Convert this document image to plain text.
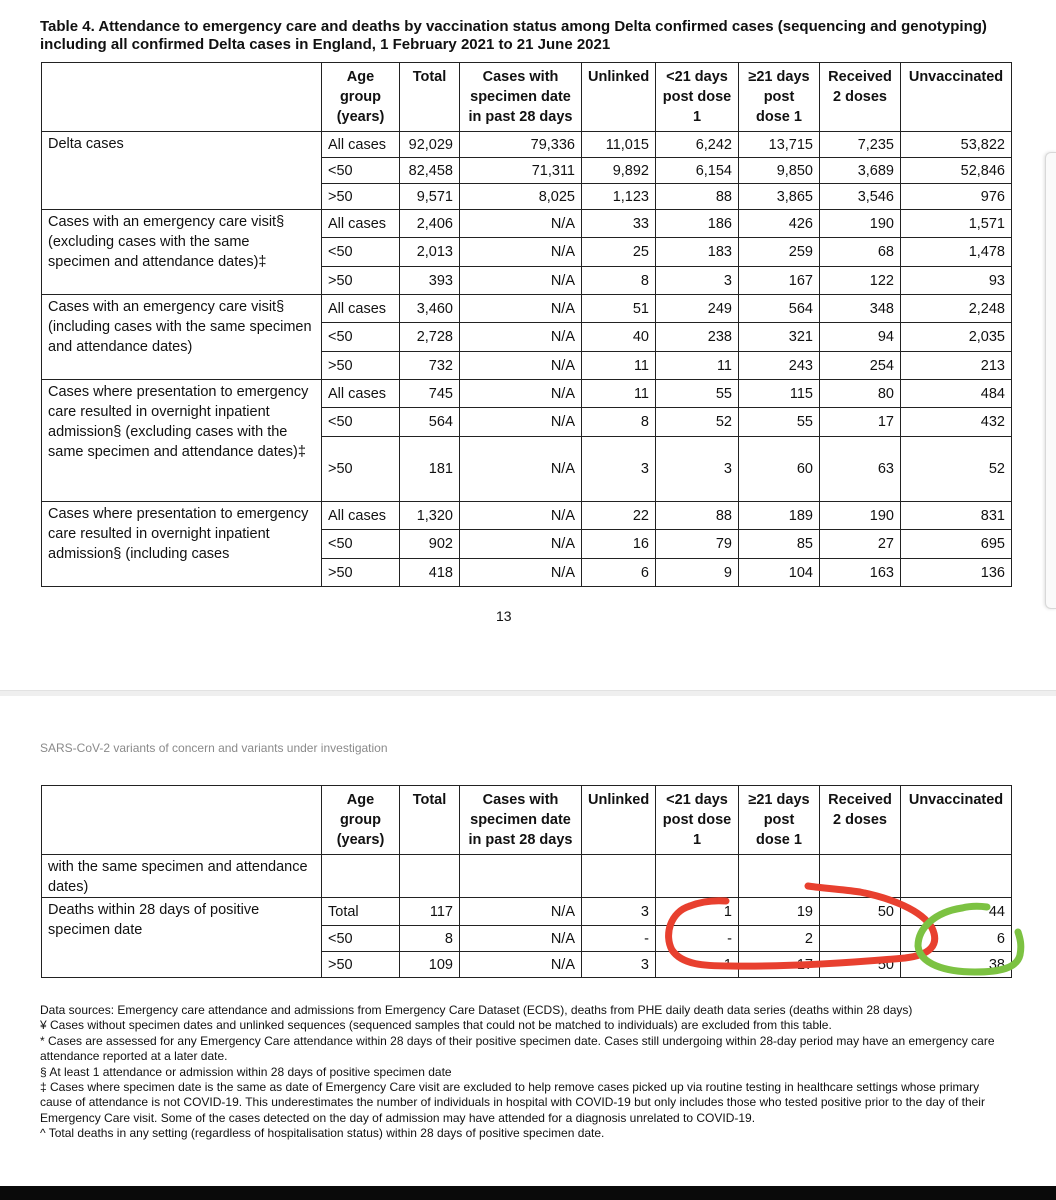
Table 4. Attendance to emergency care and deaths by vaccination status among Delta confirmed cases (sequencing and genotyping) including all confirmed Delta cases in England, 1 February 2021 to 21 June 2021
	Age group (years)	Total	Cases with specimen date in past 28 days	Unlinked	<21 days post dose 1	≥21 days post dose 1	Received 2 doses	Unvaccinated
Delta cases	All cases	92,029	79,336	11,015	6,242	13,715	7,235	53,822
	<50	82,458	71,311	9,892	6,154	9,850	3,689	52,846
	>50	9,571	8,025	1,123	88	3,865	3,546	976
Cases with an emergency care visit§ (excluding cases with the same specimen and attendance dates)‡	All cases	2,406	N/A	33	186	426	190	1,571
	<50	2,013	N/A	25	183	259	68	1,478
	>50	393	N/A	8	3	167	122	93
Cases with an emergency care visit§ (including cases with the same specimen and attendance dates)	All cases	3,460	N/A	51	249	564	348	2,248
	<50	2,728	N/A	40	238	321	94	2,035
	>50	732	N/A	11	11	243	254	213
Cases where presentation to emergency care resulted in overnight inpatient admission§ (excluding cases with the same specimen and attendance dates)‡	All cases	745	N/A	11	55	115	80	484
	<50	564	N/A	8	52	55	17	432
	>50	181	N/A	3	3	60	63	52
Cases where presentation to emergency care resulted in overnight inpatient admission§ (including cases	All cases	1,320	N/A	22	88	189	190	831
	<50	902	N/A	16	79	85	27	695
	>50	418	N/A	6	9	104	163	136
13
SARS-CoV-2 variants of concern and variants under investigation
	Age group (years)	Total	Cases with specimen date in past 28 days	Unlinked	<21 days post dose 1	≥21 days post dose 1	Received 2 doses	Unvaccinated
with the same specimen and attendance dates)								
Deaths within 28 days of positive specimen date	Total	117	N/A	3	1	19	50	44
	<50	8	N/A	-	-	2		6
	>50	109	N/A	3	1	17	50	38

Data sources: Emergency care attendance and admissions from Emergency Care Dataset (ECDS), deaths from PHE daily death data series (deaths within 28 days)

¥ Cases without specimen dates and unlinked sequences (sequenced samples that could not be matched to individuals) are excluded from this table.

* Cases are assessed for any Emergency Care attendance within 28 days of their positive specimen date. Cases still undergoing within 28-day period may have an emergency care attendance reported at a later date.

§ At least 1 attendance or admission within 28 days of positive specimen date

‡ Cases where specimen date is the same as date of Emergency Care visit are excluded to help remove cases picked up via routine testing in healthcare settings whose primary cause of attendance is not COVID-19. This underestimates the number of individuals in hospital with COVID-19 but only includes those who tested positive prior to the day of their Emergency Care visit. Some of the cases detected on the day of admission may have attended for a diagnosis unrelated to COVID-19.

^ Total deaths in any setting (regardless of hospitalisation status) within 28 days of positive specimen date.
